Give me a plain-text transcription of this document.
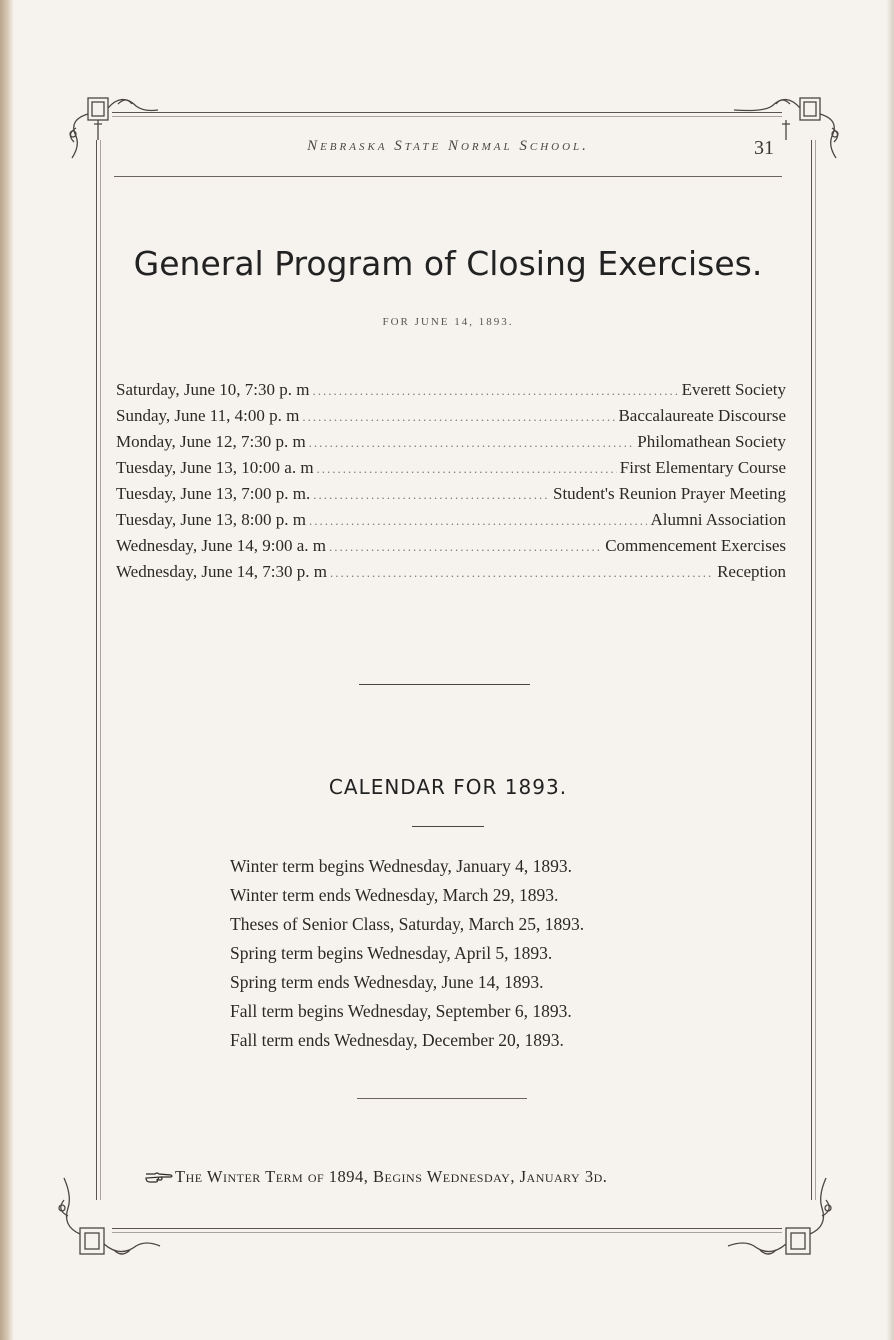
Nebraska State Normal School.	31
General Program of Closing Exercises.
FOR JUNE 14, 1893.
Saturday, June 10, 7:30 p. m .....	Everett Society
Sunday, June 11, 4:00 p. m .....	Baccalaureate Discourse
Monday, June 12, 7:30 p. m .....	Philomathean Society
Tuesday, June 13, 10:00 a. m .....	First Elementary Course
Tuesday, June 13, 7:00 p. m. .....	Student's Reunion Prayer Meeting
Tuesday, June 13, 8:00 p. m .....	Alumni Association
Wednesday, June 14, 9:00 a. m .....	Commencement Exercises
Wednesday, June 14, 7:30 p. m .....	Reception
CALENDAR FOR 1893.
Winter term begins Wednesday, January 4, 1893.
Winter term ends Wednesday, March 29, 1893.
Theses of Senior Class, Saturday, March 25, 1893.
Spring term begins Wednesday, April 5, 1893.
Spring term ends Wednesday, June 14, 1893.
Fall term begins Wednesday, September 6, 1893.
Fall term ends Wednesday, December 20, 1893.
The Winter Term of 1894, Begins Wednesday, January 3d.
